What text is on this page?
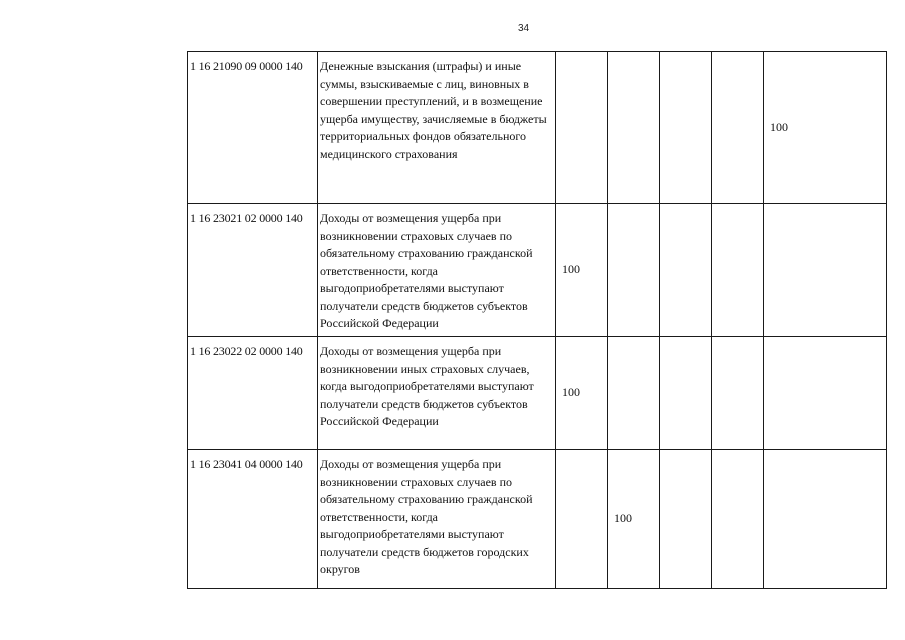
34
1 16 21090 09 0000 140	Денежные взыскания (штрафы) и иные суммы, взыскиваемые с лиц, виновных в совершении преступлений, и в возмещение ущерба имуществу, зачисляемые в бюджеты территориальных фондов обязательного медицинского страхования					100

1 16 23021 02 0000 140	Доходы от возмещения ущерба при возникновении страховых случаев по обязательному страхованию гражданской ответственности, когда выгодоприобретателями выступают получатели средств бюджетов субъектов Российской Федерации	100				

1 16 23022 02 0000 140	Доходы от возмещения ущерба при возникновении иных страховых случаев, когда выгодоприобретателями выступают получатели средств бюджетов субъектов Российской Федерации	100				

1 16 23041 04 0000 140	Доходы от возмещения ущерба при возникновении страховых случаев по обязательному страхованию гражданской ответственности, когда выгодоприобретателями выступают получатели средств бюджетов городских округов		100			
